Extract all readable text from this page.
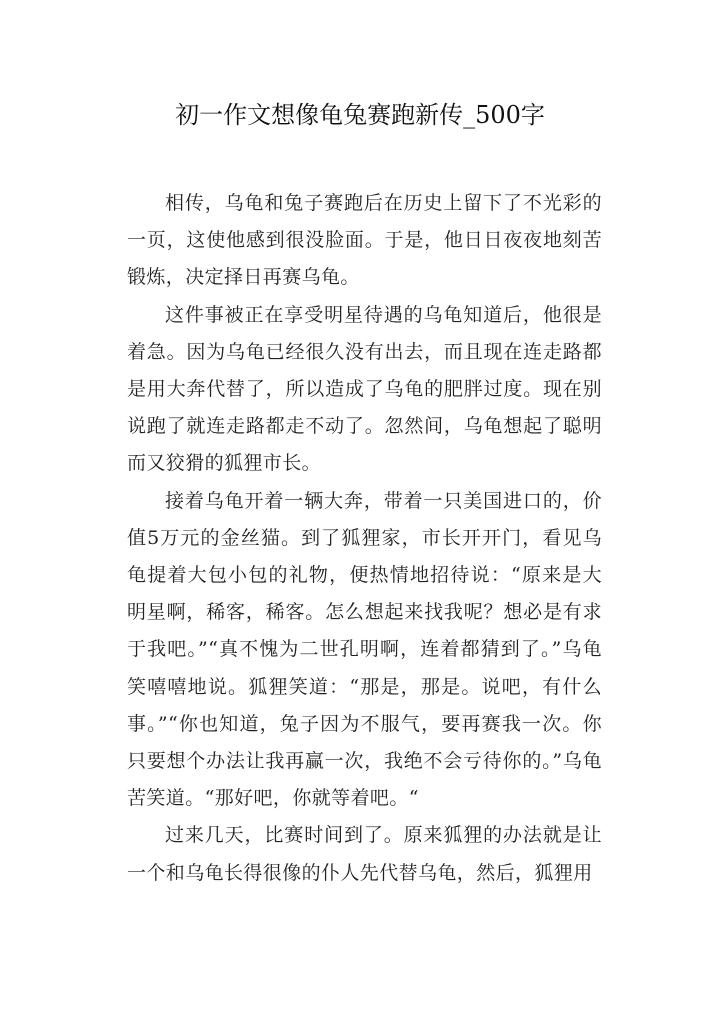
初一作文想像龟兔赛跑新传_500字

相传，乌龟和兔子赛跑后在历史上留下了不光彩的一页，这使他感到很没脸面。于是，他日日夜夜地刻苦锻炼，决定择日再赛乌龟。

这件事被正在享受明星待遇的乌龟知道后，他很是着急。因为乌龟已经很久没有出去，而且现在连走路都是用大奔代替了，所以造成了乌龟的肥胖过度。现在别说跑了就连走路都走不动了。忽然间，乌龟想起了聪明而又狡猾的狐狸市长。

接着乌龟开着一辆大奔，带着一只美国进口的，价值5万元的金丝猫。到了狐狸家，市长开开门，看见乌龟提着大包小包的礼物，便热情地招待说：“原来是大明星啊，稀客，稀客。怎么想起来找我呢？想必是有求于我吧。”“真不愧为二世孔明啊，连着都猜到了。”乌龟笑嘻嘻地说。狐狸笑道：“那是，那是。说吧，有什么事。”“你也知道，兔子因为不服气，要再赛我一次。你只要想个办法让我再赢一次，我绝不会亏待你的。”乌龟苦笑道。“那好吧，你就等着吧。“

过来几天，比赛时间到了。原来狐狸的办法就是让一个和乌龟长得很像的仆人先代替乌龟，然后，狐狸用
